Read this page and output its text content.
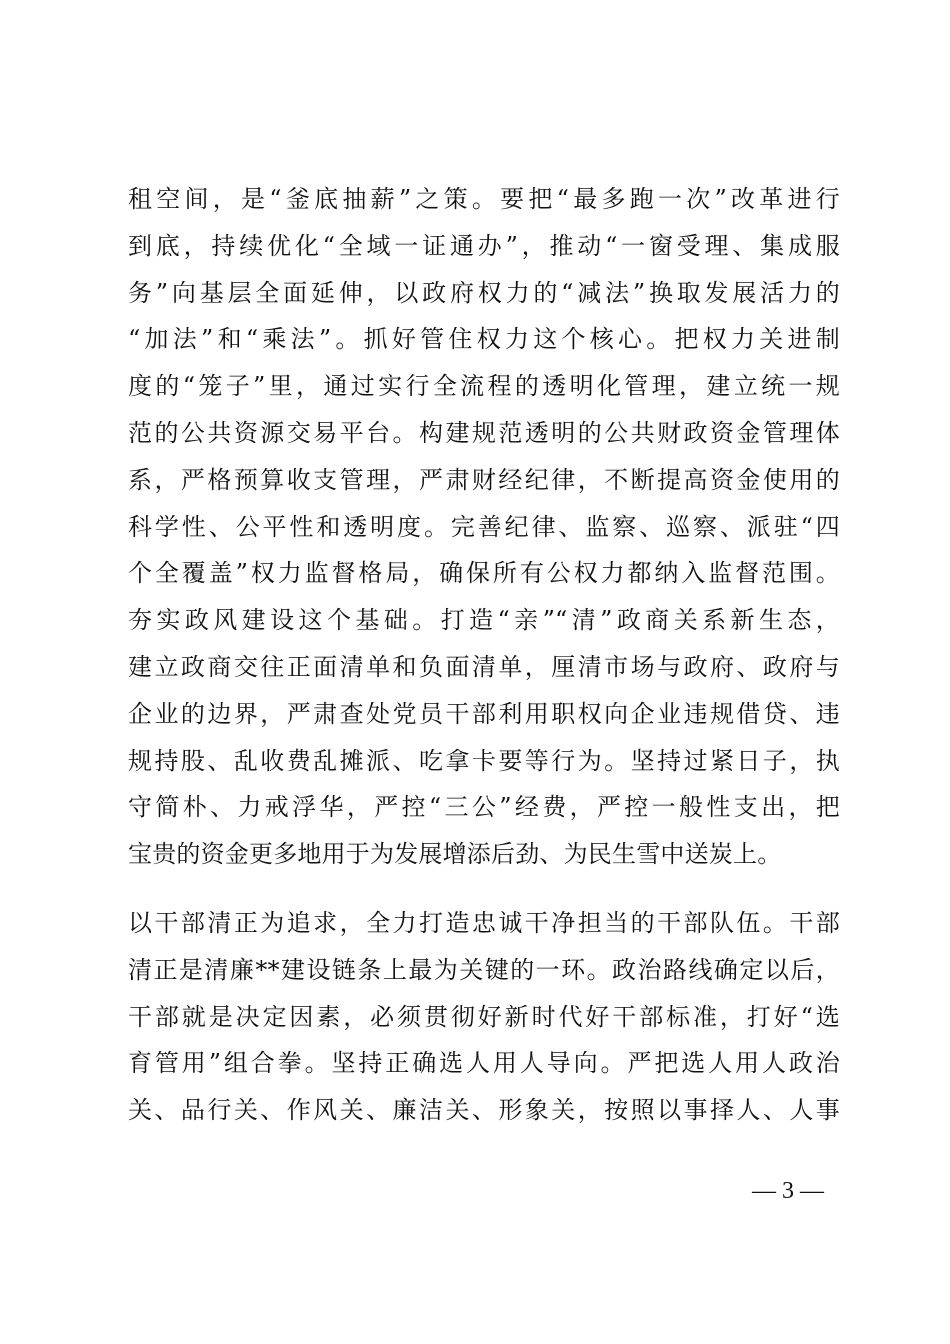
租空间，是“釜底抽薪”之策。要把“最多跑一次”改革进行
到底，持续优化“全域一证通办”，推动“一窗受理、集成服
务”向基层全面延伸，以政府权力的“减法”换取发展活力的
“加法”和“乘法”。抓好管住权力这个核心。把权力关进制
度的“笼子”里，通过实行全流程的透明化管理，建立统一规
范的公共资源交易平台。构建规范透明的公共财政资金管理体
系，严格预算收支管理，严肃财经纪律，不断提高资金使用的
科学性、公平性和透明度。完善纪律、监察、巡察、派驻“四
个全覆盖”权力监督格局，确保所有公权力都纳入监督范围。
夯实政风建设这个基础。打造“亲”“清”政商关系新生态，
建立政商交往正面清单和负面清单，厘清市场与政府、政府与
企业的边界，严肃查处党员干部利用职权向企业违规借贷、违
规持股、乱收费乱摊派、吃拿卡要等行为。坚持过紧日子，执
守简朴、力戒浮华，严控“三公”经费，严控一般性支出，把
宝贵的资金更多地用于为发展增添后劲、为民生雪中送炭上。
以干部清正为追求，全力打造忠诚干净担当的干部队伍。干部
清正是清廉**建设链条上最为关键的一环。政治路线确定以后，
干部就是决定因素，必须贯彻好新时代好干部标准，打好“选
育管用”组合拳。坚持正确选人用人导向。严把选人用人政治
关、品行关、作风关、廉洁关、形象关，按照以事择人、人事
— 3 —
